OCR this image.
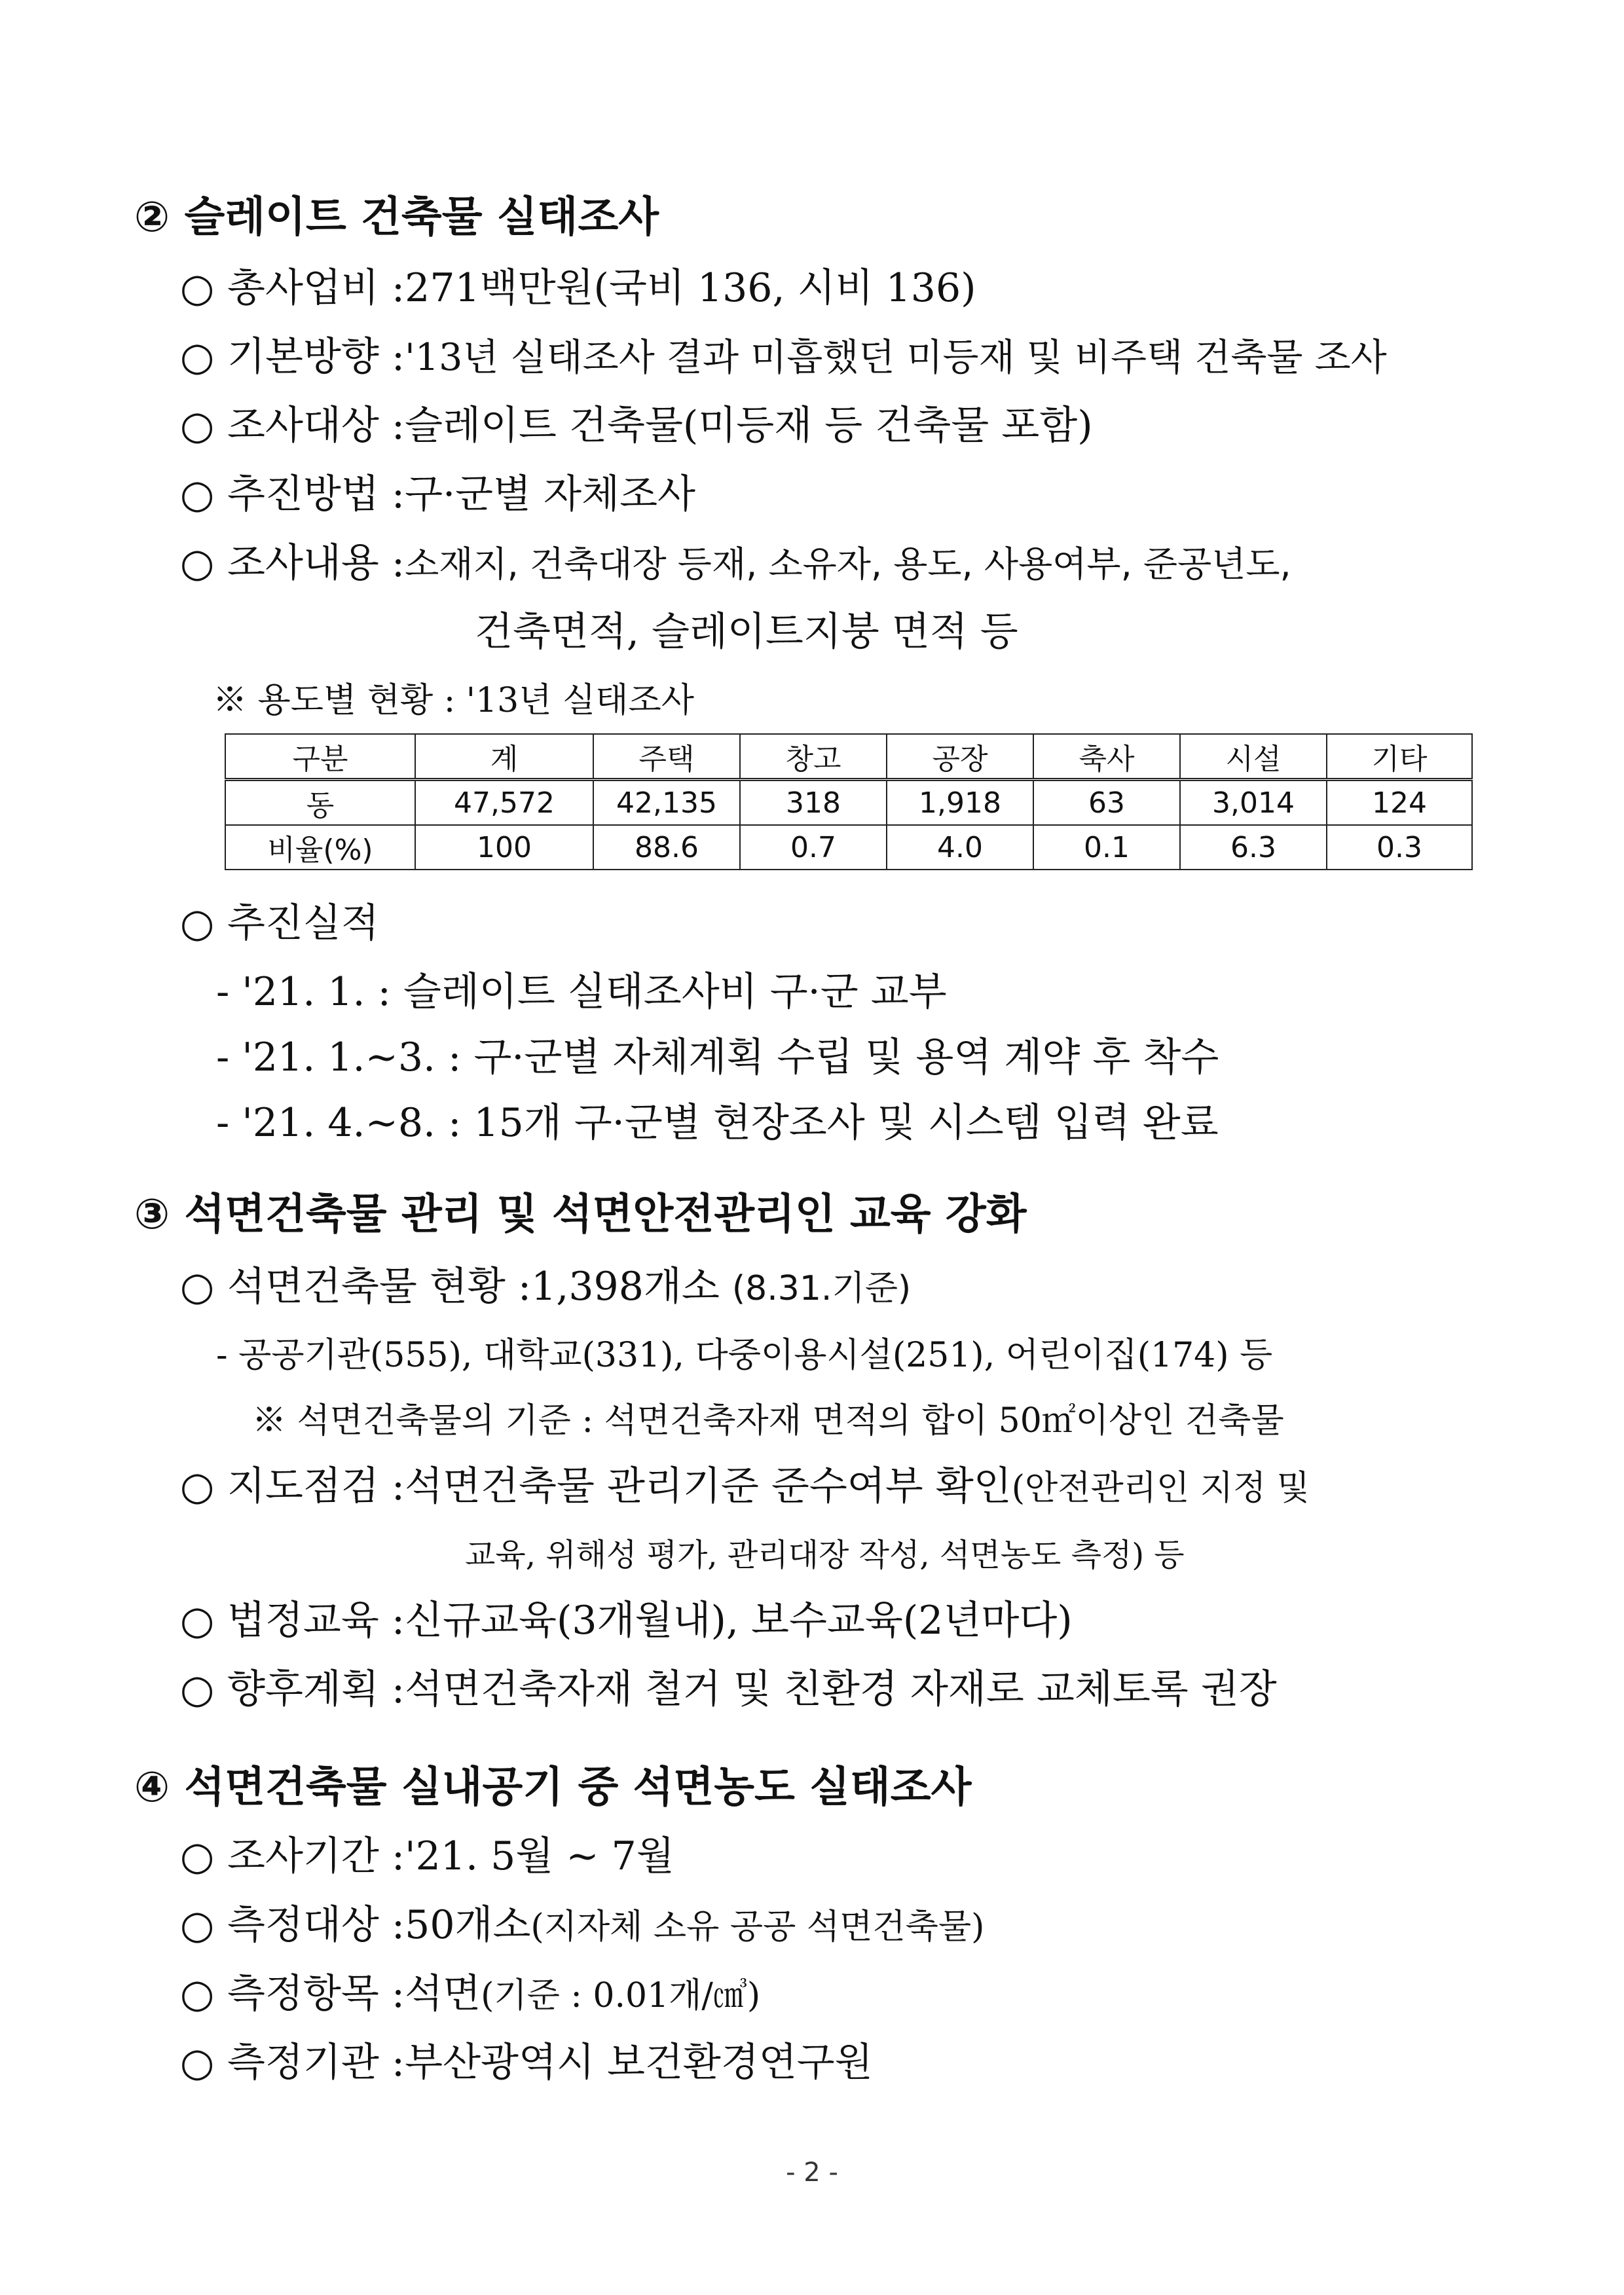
② 슬레이트 건축물 실태조사
○ 총사업비 :271백만원(국비 136, 시비 136)
○ 기본방향 :'13년 실태조사 결과 미흡했던 미등재 및 비주택 건축물 조사
○ 조사대상 :슬레이트 건축물(미등재 등 건축물 포함)
○ 추진방법 :구·군별 자체조사
○ 조사내용 :소재지, 건축대장 등재, 소유자, 용도, 사용여부, 준공년도,
건축면적, 슬레이트지붕 면적 등
※ 용도별 현황 : '13년 실태조사
구분	계	주택	창고	공장	축사	시설	기타
동	47,572	42,135	318	1,918	63	3,014	124
비율(%)	100	88.6	0.7	4.0	0.1	6.3	0.3
○ 추진실적
- '21. 1. : 슬레이트 실태조사비 구·군 교부
- '21. 1.~3. : 구·군별 자체계획 수립 및 용역 계약 후 착수
- '21. 4.~8. : 15개 구·군별 현장조사 및 시스템 입력 완료
③ 석면건축물 관리 및 석면안전관리인 교육 강화
○ 석면건축물 현황 :1,398개소 (8.31.기준)
- 공공기관(555), 대학교(331), 다중이용시설(251), 어린이집(174) 등
※ 석면건축물의 기준 : 석면건축자재 면적의 합이 50㎡이상인 건축물
○ 지도점검 :석면건축물 관리기준 준수여부 확인(안전관리인 지정 및
교육, 위해성 평가, 관리대장 작성, 석면농도 측정) 등
○ 법정교육 :신규교육(3개월내), 보수교육(2년마다)
○ 향후계획 :석면건축자재 철거 및 친환경 자재로 교체토록 권장
④ 석면건축물 실내공기 중 석면농도 실태조사
○ 조사기간 :'21. 5월 ~ 7월
○ 측정대상 :50개소(지자체 소유 공공 석면건축물)
○ 측정항목 :석면(기준 : 0.01개/㎤)
○ 측정기관 :부산광역시 보건환경연구원
- 2 -
